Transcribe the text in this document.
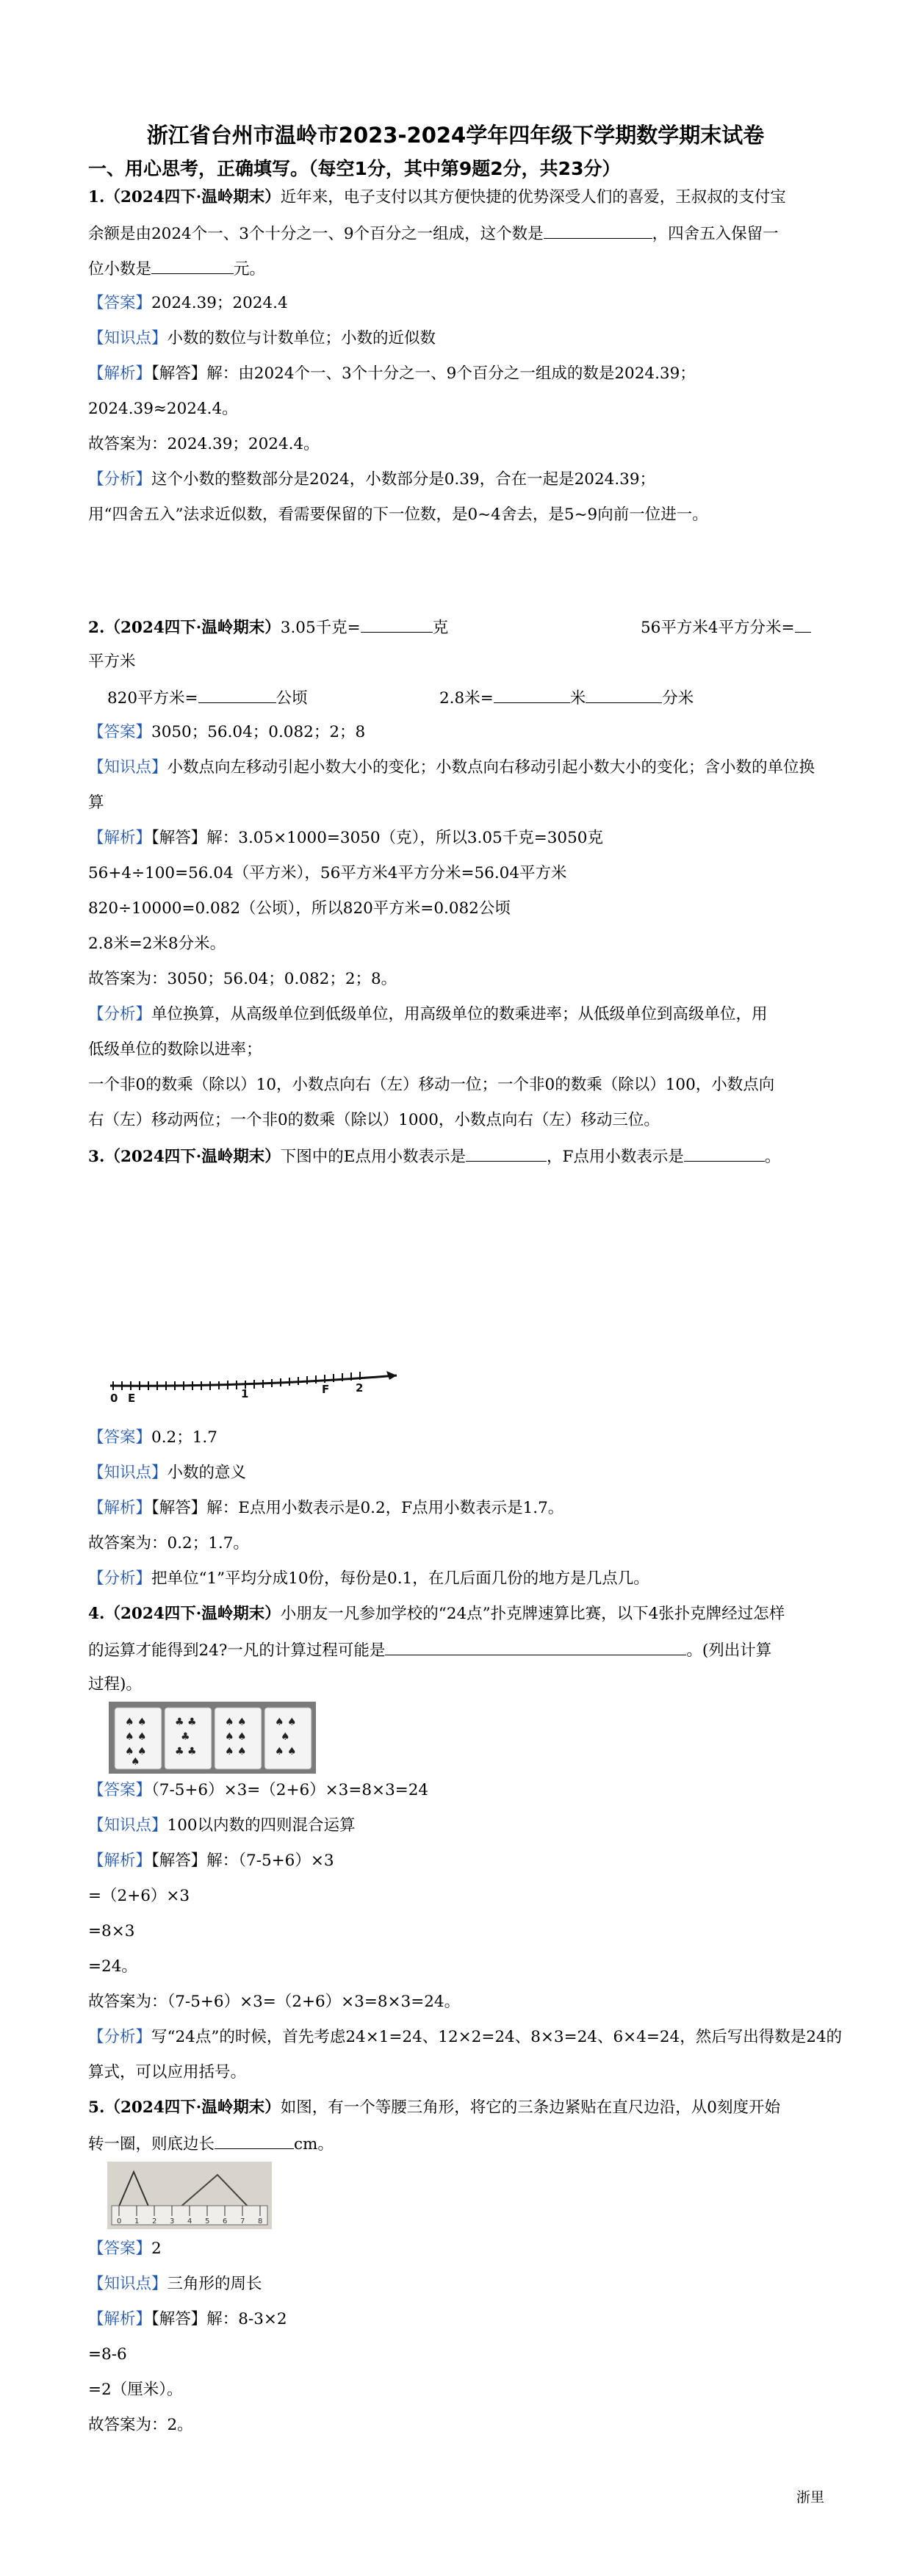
浙江省台州市温岭市2023-2024学年四年级下学期数学期末试卷
一、用心思考，正确填写。（每空1分，其中第9题2分，共23分）
1.（2024四下·温岭期末）近年来，电子支付以其方便快捷的优势深受人们的喜爱，王叔叔的支付宝
余额是由2024个一、3个十分之一、9个百分之一组成，这个数是	，四舍五入保留一
位小数是	元。
【答案】2024.39；2024.4
【知识点】小数的数位与计数单位；小数的近似数
【解析】【解答】解：由2024个一、3个十分之一、9个百分之一组成的数是2024.39；
2024.39≈2024.4。
故答案为：2024.39；2024.4。
【分析】这个小数的整数部分是2024，小数部分是0.39，合在一起是2024.39；
用“四舍五入”法求近似数，看需要保留的下一位数，是0~4舍去，是5~9向前一位进一。
2.（2024四下·温岭期末）3.05千克=	克	56平方米4平方分米=
平方米
820平方米=	公顷	2.8米=	米	分米
【答案】3050；56.04；0.082；2；8
【知识点】小数点向左移动引起小数大小的变化；小数点向右移动引起小数大小的变化；含小数的单位换
算
【解析】【解答】解：3.05×1000=3050（克），所以3.05千克=3050克
56+4÷100=56.04（平方米），56平方米4平方分米=56.04平方米
820÷10000=0.082（公顷），所以820平方米=0.082公顷
2.8米=2米8分米。
故答案为：3050；56.04；0.082；2；8。
【分析】单位换算，从高级单位到低级单位，用高级单位的数乘进率；从低级单位到高级单位，用
低级单位的数除以进率；
一个非0的数乘（除以）10，小数点向右（左）移动一位；一个非0的数乘（除以）100，小数点向
右（左）移动两位；一个非0的数乘（除以）1000，小数点向右（左）移动三位。
3.（2024四下·温岭期末）下图中的E点用小数表示是	，F点用小数表示是	。
0 E	1	F 2
【答案】0.2；1.7
【知识点】小数的意义
【解析】【解答】解：E点用小数表示是0.2，F点用小数表示是1.7。
故答案为：0.2；1.7。
【分析】把单位“1”平均分成10份，每份是0.1，在几后面几份的地方是几点几。
4.（2024四下·温岭期末）小朋友一凡参加学校的“24点”扑克牌速算比赛，以下4张扑克牌经过怎样
的运算才能得到24?一凡的计算过程可能是	。(列出计算
过程)。
♠ ♠
♠ ♠
♠ ♠
♠
♣ ♣
♣
♣ ♣
♠ ♠
♠ ♠
♠ ♠
♠ ♠
♠
♠ ♠
【答案】（7-5+6）×3=（2+6）×3=8×3=24
【知识点】100以内数的四则混合运算
【解析】【解答】解：（7-5+6）×3
=（2+6）×3
=8×3
=24。
故答案为：（7-5+6）×3=（2+6）×3=8×3=24。
【分析】写“24点”的时候，首先考虑24×1=24、12×2=24、8×3=24、6×4=24，然后写出得数是24的
算式，可以应用括号。
5.（2024四下·温岭期末）如图，有一个等腰三角形，将它的三条边紧贴在直尺边沿，从0刻度开始
转一圈，则底边长	cm。
0 1 2 3 4 5 6 7 8
【答案】2
【知识点】三角形的周长
【解析】【解答】解：8-3×2
=8-6
=2（厘米）。
故答案为：2。
浙里
